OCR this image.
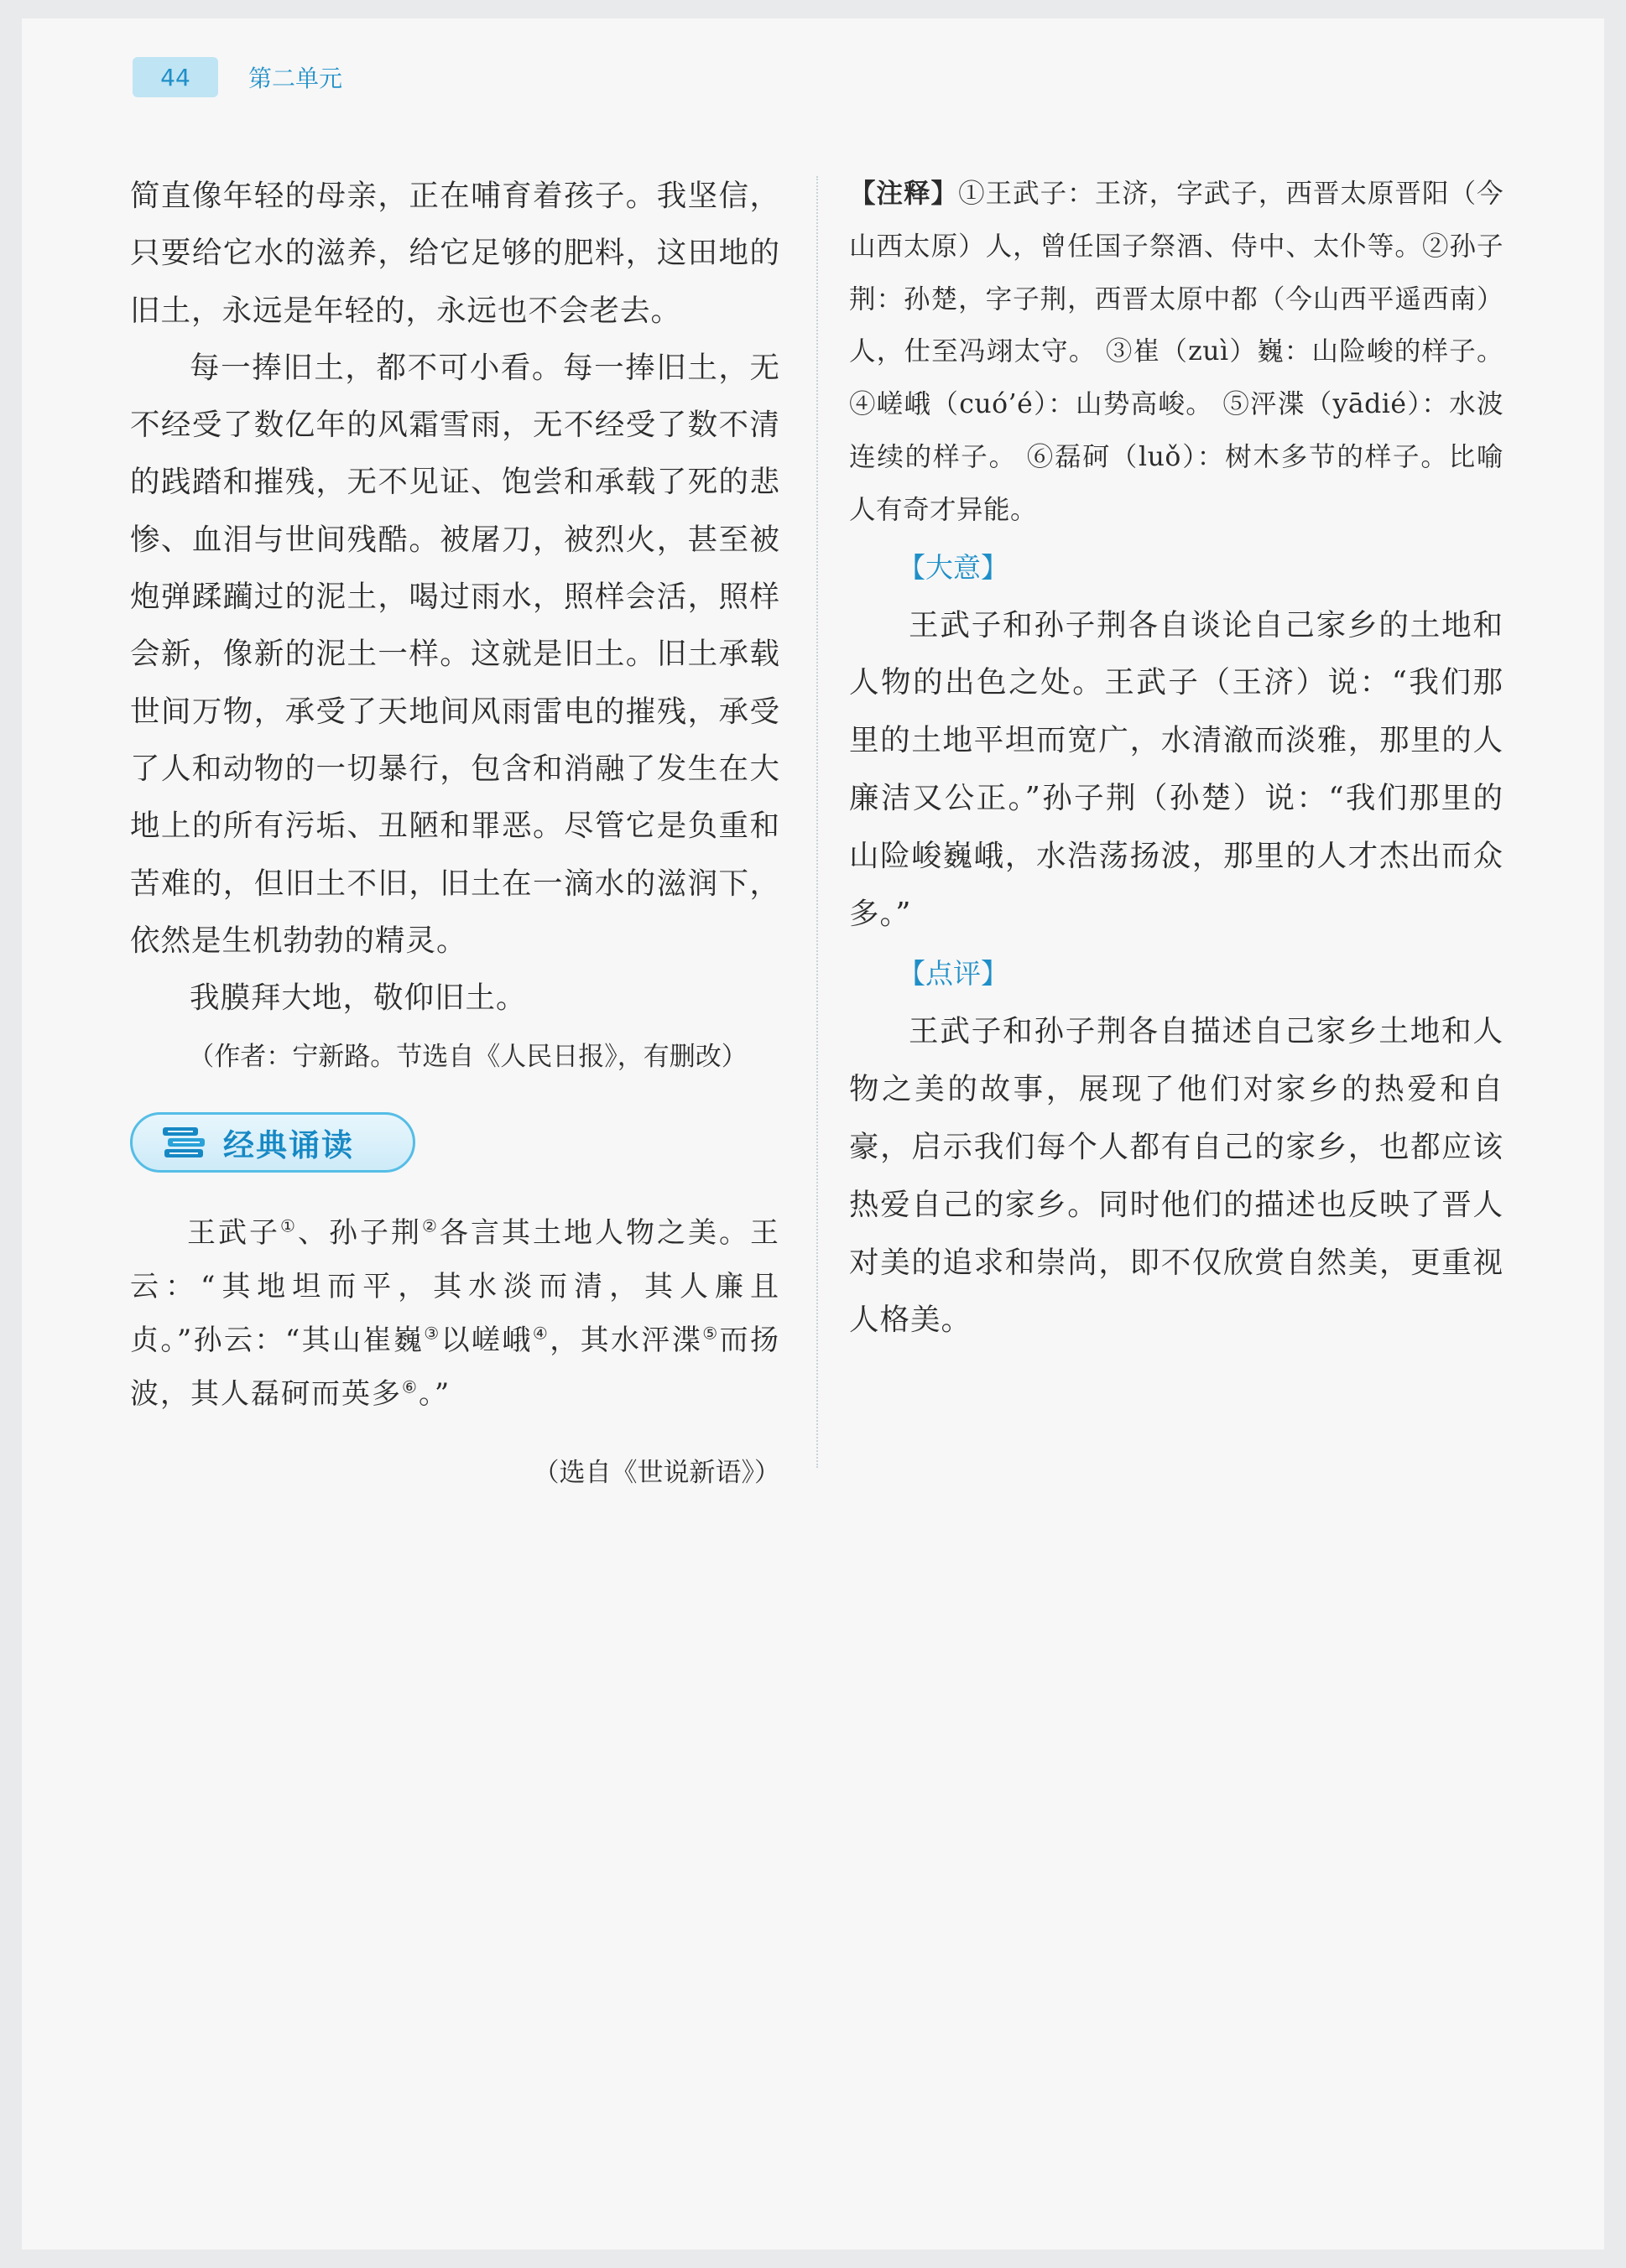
44	第二单元

简直像年轻的母亲，正在哺育着孩子。我坚信，只要给它水的滋养，给它足够的肥料，这田地的旧土，永远是年轻的，永远也不会老去。

每一捧旧土，都不可小看。每一捧旧土，无不经受了数亿年的风霜雪雨，无不经受了数不清的践踏和摧残，无不见证、饱尝和承载了死的悲惨、血泪与世间残酷。被屠刀，被烈火，甚至被炮弹蹂躏过的泥土，喝过雨水，照样会活，照样会新，像新的泥土一样。这就是旧土。旧土承载世间万物，承受了天地间风雨雷电的摧残，承受了人和动物的一切暴行，包含和消融了发生在大地上的所有污垢、丑陋和罪恶。尽管它是负重和苦难的，但旧土不旧，旧土在一滴水的滋润下，依然是生机勃勃的精灵。

我膜拜大地，敬仰旧土。

（作者：宁新路。节选自《人民日报》，有删改）

经典诵读

王武子①、孙子荆②各言其土地人物之美。王云：“其地坦而平，其水淡而清，其人廉且贞。”孙云：“其山崔巍③以嵯峨④，其水泙渫⑤而扬波，其人磊砢而英多⑥。”

（选自《世说新语》）

【注释】①王武子：王济，字武子，西晋太原晋阳（今山西太原）人，曾任国子祭酒、侍中、太仆等。②孙子荆：孙楚，字子荆，西晋太原中都（今山西平遥西南）人，仕至冯翊太守。 ③崔（zuì）巍：山险峻的样子。 ④嵯峨（cuó’é）：山势高峻。 ⑤泙渫（yādié）：水波连续的样子。 ⑥磊砢（luǒ）：树木多节的样子。比喻人有奇才异能。

【大意】

王武子和孙子荆各自谈论自己家乡的土地和人物的出色之处。王武子（王济）说：“我们那里的土地平坦而宽广，水清澈而淡雅，那里的人廉洁又公正。”孙子荆（孙楚）说：“我们那里的山险峻巍峨，水浩荡扬波，那里的人才杰出而众多。”

【点评】

王武子和孙子荆各自描述自己家乡土地和人物之美的故事，展现了他们对家乡的热爱和自豪，启示我们每个人都有自己的家乡，也都应该热爱自己的家乡。同时他们的描述也反映了晋人对美的追求和崇尚，即不仅欣赏自然美，更重视人格美。
